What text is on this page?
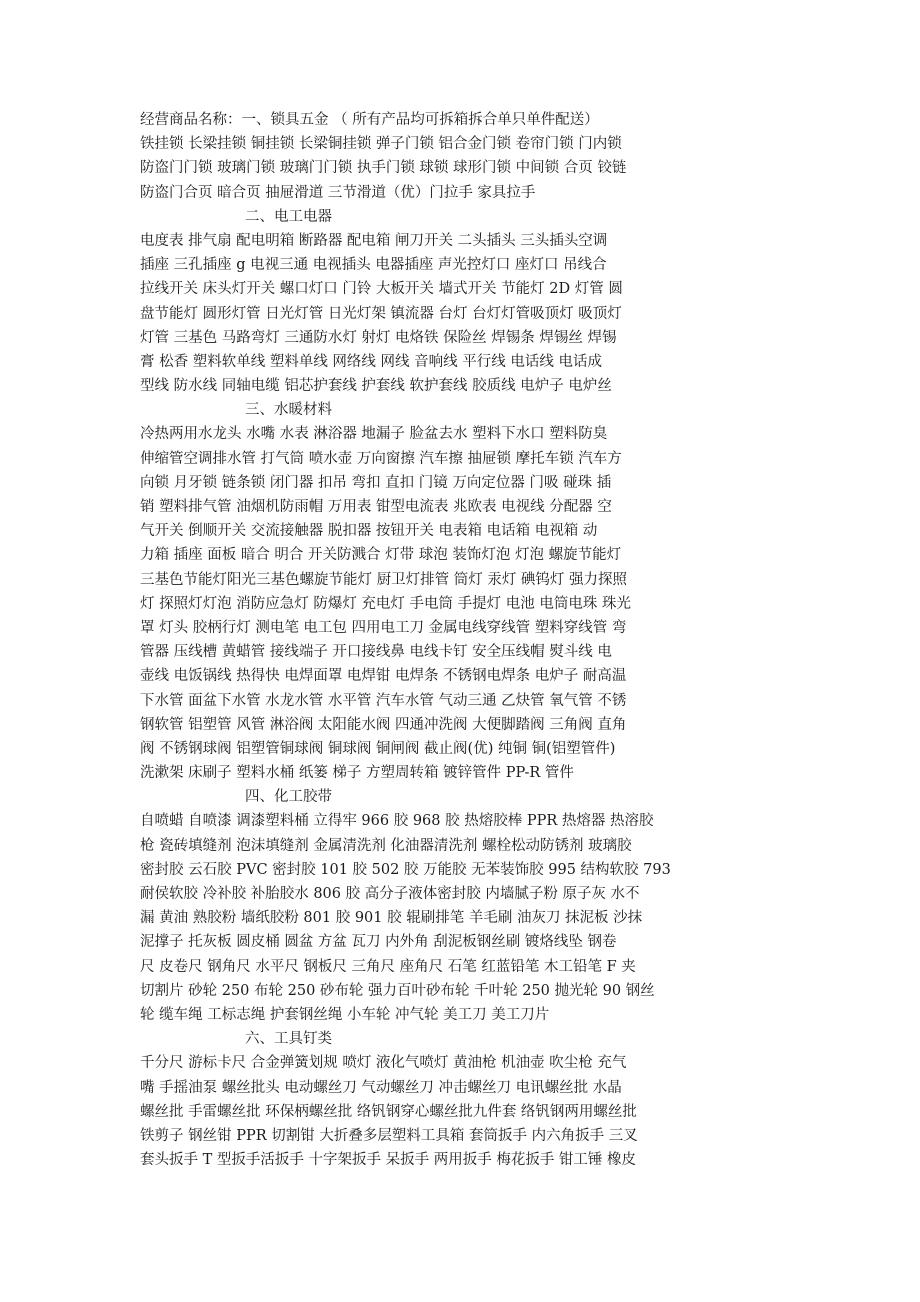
经营商品名称：一、锁具五金 （ 所有产品均可拆箱拆合单只单件配送）
铁挂锁 长梁挂锁 铜挂锁 长梁铜挂锁 弹子门锁 铝合金门锁 卷帘门锁 门内锁
防盗门门锁 玻璃门锁 玻璃门门锁 执手门锁 球锁 球形门锁 中间锁 合页 铰链
防盗门合页 暗合页 抽屉滑道 三节滑道（优）门拉手 家具拉手
二、电工电器
电度表 排气扇 配电明箱 断路器 配电箱 闸刀开关 二头插头 三头插头空调
插座 三孔插座 g 电视三通 电视插头 电器插座 声光控灯口 座灯口 吊线合
拉线开关 床头灯开关 螺口灯口 门铃 大板开关 墙式开关 节能灯 2D 灯管 圆
盘节能灯 圆形灯管 日光灯管 日光灯架 镇流器 台灯 台灯灯管吸顶灯 吸顶灯
灯管 三基色 马路弯灯 三通防水灯 射灯 电烙铁 保险丝 焊锡条 焊锡丝 焊锡
膏 松香 塑料软单线 塑料单线 网络线 网线 音响线 平行线 电话线 电话成
型线 防水线 同轴电缆 铝芯护套线 护套线 软护套线 胶质线 电炉子 电炉丝
三、水暖材料
冷热两用水龙头 水嘴 水表 淋浴器 地漏子 脸盆去水 塑料下水口 塑料防臭
伸缩管空调排水管 打气筒 喷水壶 万向窗擦 汽车擦 抽屉锁 摩托车锁 汽车方
向锁 月牙锁 链条锁 闭门器 扣吊 弯扣 直扣 门镜 万向定位器 门吸 碰珠 插
销 塑料排气管 油烟机防雨帽 万用表 钳型电流表 兆欧表 电视线 分配器 空
气开关 倒顺开关 交流接触器 脱扣器 按钮开关 电表箱 电话箱 电视箱 动
力箱 插座 面板 暗合 明合 开关防溅合 灯带 球泡 装饰灯泡 灯泡 螺旋节能灯
三基色节能灯阳光三基色螺旋节能灯 厨卫灯排管 筒灯 汞灯 碘钨灯 强力探照
灯 探照灯灯泡 消防应急灯 防爆灯 充电灯 手电筒 手提灯 电池 电筒电珠 珠光
罩 灯头 胶柄行灯 测电笔 电工包 四用电工刀 金属电线穿线管 塑料穿线管 弯
管器 压线槽 黄蜡管 接线端子 开口接线鼻 电线卡钉 安全压线帽 熨斗线 电
壶线 电饭锅线 热得快 电焊面罩 电焊钳 电焊条 不锈钢电焊条 电炉子 耐高温
下水管 面盆下水管 水龙水管 水平管 汽车水管 气动三通 乙炔管 氧气管 不锈
钢软管 铝塑管 风管 淋浴阀 太阳能水阀 四通冲洗阀 大便脚踏阀 三角阀 直角
阀 不锈钢球阀 铝塑管铜球阀 铜球阀 铜闸阀 截止阀(优) 纯铜 铜(铝塑管件)
洗漱架 床刷子 塑料水桶 纸篓 梯子 方塑周转箱 镀锌管件 PP-R 管件
四、化工胶带
自喷蜡 自喷漆 调漆塑料桶 立得牢 966 胶 968 胶 热熔胶棒 PPR 热熔器 热溶胶
枪 瓷砖填缝剂 泡沫填缝剂 金属清洗剂 化油器清洗剂 螺栓松动防锈剂 玻璃胶
密封胶 云石胶 PVC 密封胶 101 胶 502 胶 万能胶 无苯装饰胶 995 结构软胶 793
耐侯软胶 冷补胶 补胎胶水 806 胶 高分子液体密封胶 内墙腻子粉 原子灰 水不
漏 黄油 熟胶粉 墙纸胶粉 801 胶 901 胶 辊刷排笔 羊毛刷 油灰刀 抹泥板 沙抹
泥撑子 托灰板 圆皮桶 圆盆 方盆 瓦刀 内外角 刮泥板钢丝刷 镀烙线坠 钢卷
尺 皮卷尺 钢角尺 水平尺 钢板尺 三角尺 座角尺 石笔 红蓝铅笔 木工铅笔 F 夹
切割片 砂轮 250 布轮 250 砂布轮 强力百叶砂布轮 千叶轮 250 抛光轮 90 钢丝
轮 缆车绳 工标志绳 护套钢丝绳 小车轮 冲气轮 美工刀 美工刀片
六、工具钉类
千分尺 游标卡尺 合金弹簧划规 喷灯 液化气喷灯 黄油枪 机油壶 吹尘枪 充气
嘴 手摇油泵 螺丝批头 电动螺丝刀 气动螺丝刀 冲击螺丝刀 电讯螺丝批 水晶
螺丝批 手雷螺丝批 环保柄螺丝批 络钒钢穿心螺丝批九件套 络钒钢两用螺丝批
铁剪子 钢丝钳 PPR 切割钳 大折叠多层塑料工具箱 套筒扳手 内六角扳手 三叉
套头扳手 T 型扳手活扳手 十字架扳手 呆扳手 两用扳手 梅花扳手 钳工锤 橡皮
